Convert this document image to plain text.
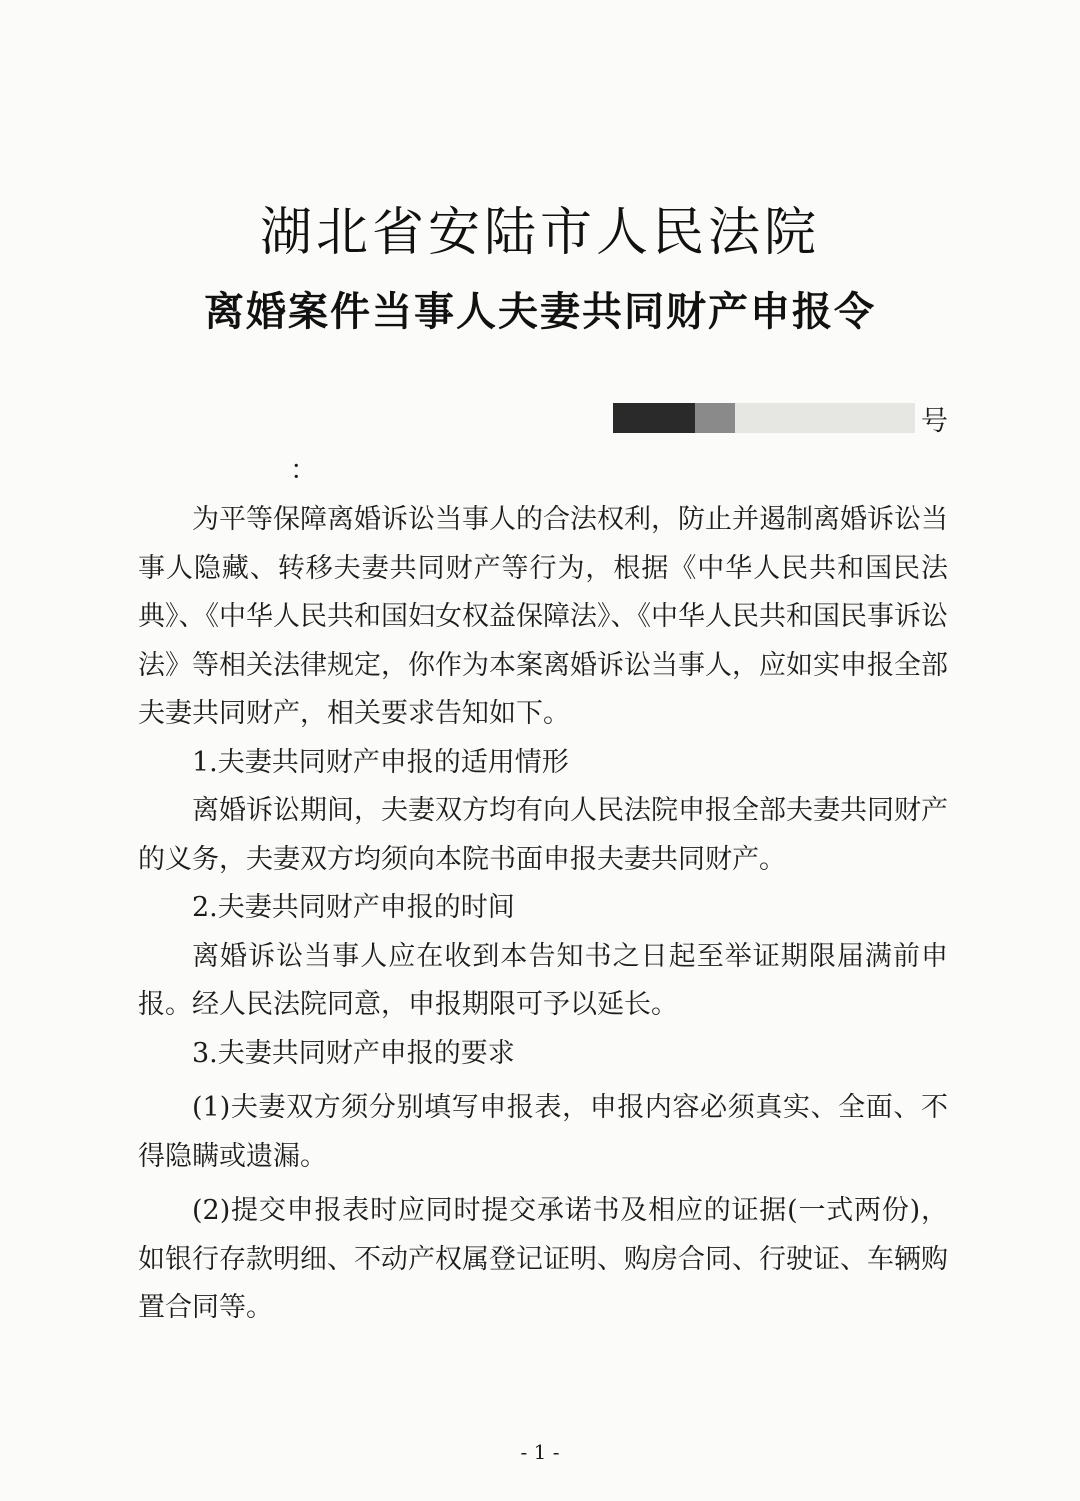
湖北省安陆市人民法院
离婚案件当事人夫妻共同财产申报令
号
：

为平等保障离婚诉讼当事人的合法权利，防止并遏制离婚诉讼当事人隐藏、转移夫妻共同财产等行为，根据《中华人民共和国民法典》、《中华人民共和国妇女权益保障法》、《中华人民共和国民事诉讼法》等相关法律规定，你作为本案离婚诉讼当事人，应如实申报全部夫妻共同财产，相关要求告知如下。

1.夫妻共同财产申报的适用情形

离婚诉讼期间，夫妻双方均有向人民法院申报全部夫妻共同财产的义务，夫妻双方均须向本院书面申报夫妻共同财产。

2.夫妻共同财产申报的时间

离婚诉讼当事人应在收到本告知书之日起至举证期限届满前申报。经人民法院同意，申报期限可予以延长。

3.夫妻共同财产申报的要求

(1)夫妻双方须分别填写申报表，申报内容必须真实、全面、不得隐瞒或遗漏。

(2)提交申报表时应同时提交承诺书及相应的证据(一式两份)，如银行存款明细、不动产权属登记证明、购房合同、行驶证、车辆购置合同等。

- 1 -
